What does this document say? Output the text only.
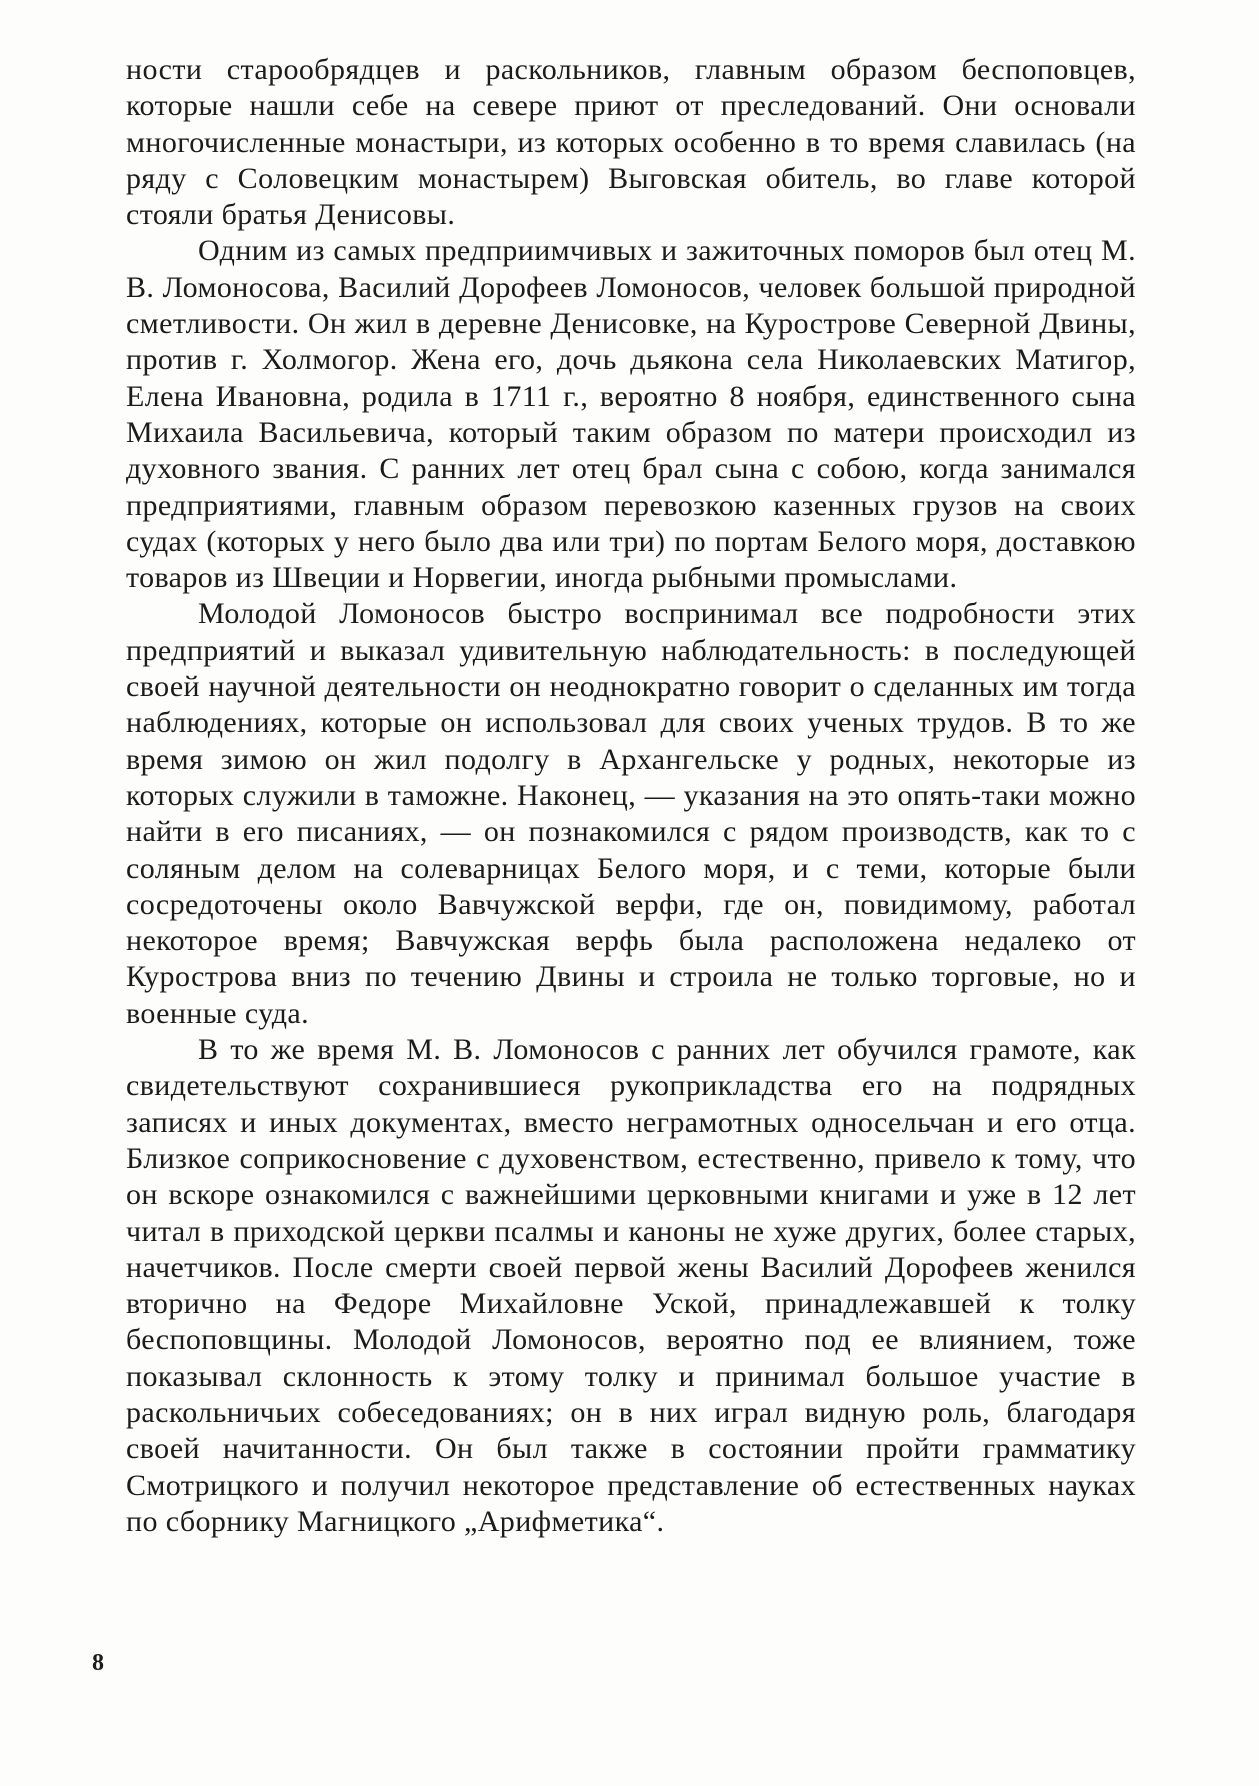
ности старообрядцев и раскольников, главным образом беспоповцев, которые нашли себе на севере приют от преследований. Они основали многочисленные монастыри, из которых особенно в то время славилась (на ряду с Соловецким монастырем) Выговская обитель, во главе которой стояли братья Денисовы.

Одним из самых предприимчивых и зажиточных поморов был отец М. В. Ломоносова, Василий Дорофеев Ломоносов, человек большой природной сметливости. Он жил в деревне Денисовке, на Курострове Северной Двины, против г. Холмогор. Жена его, дочь дьякона села Николаевских Матигор, Елена Ивановна, родила в 1711 г., вероятно 8 ноября, единственного сына Михаила Васильевича, который таким образом по матери происходил из духовного звания. С ранних лет отец брал сына с собою, когда занимался предприятиями, главным образом перевозкою казенных грузов на своих судах (которых у него было два или три) по портам Белого моря, доставкою товаров из Швеции и Норвегии, иногда рыбными промыслами.

Молодой Ломоносов быстро воспринимал все подробности этих предприятий и выказал удивительную наблюдательность: в последующей своей научной деятельности он неоднократно говорит о сделанных им тогда наблюдениях, которые он использовал для своих ученых трудов. В то же время зимою он жил подолгу в Архангельске у родных, некоторые из которых служили в таможне. Наконец, — указания на это опять-таки можно найти в его писаниях, — он познакомился с рядом производств, как то с соляным делом на солеварницах Белого моря, и с теми, которые были сосредоточены около Вавчужской верфи, где он, повидимому, работал некоторое время; Вавчужская верфь была расположена недалеко от Курострова вниз по течению Двины и строила не только торговые, но и военные суда.

В то же время М. В. Ломоносов с ранних лет обучился грамоте, как свидетельствуют сохранившиеся рукоприкладства его на подрядных записях и иных документах, вместо неграмотных односельчан и его отца. Близкое соприкосновение с духовенством, естественно, привело к тому, что он вскоре ознакомился с важнейшими церковными книгами и уже в 12 лет читал в приходской церкви псалмы и каноны не хуже других, более старых, начетчиков. После смерти своей первой жены Василий Дорофеев женился вторично на Федоре Михайловне Уской, принадлежавшей к толку беспоповщины. Молодой Ломоносов, вероятно под ее влиянием, тоже показывал склонность к этому толку и принимал большое участие в раскольничьих собеседованиях; он в них играл видную роль, благодаря своей начитанности. Он был также в состоянии пройти грамматику Смотрицкого и получил некоторое представление об естественных науках по сборнику Магницкого „Арифметика“.

8
